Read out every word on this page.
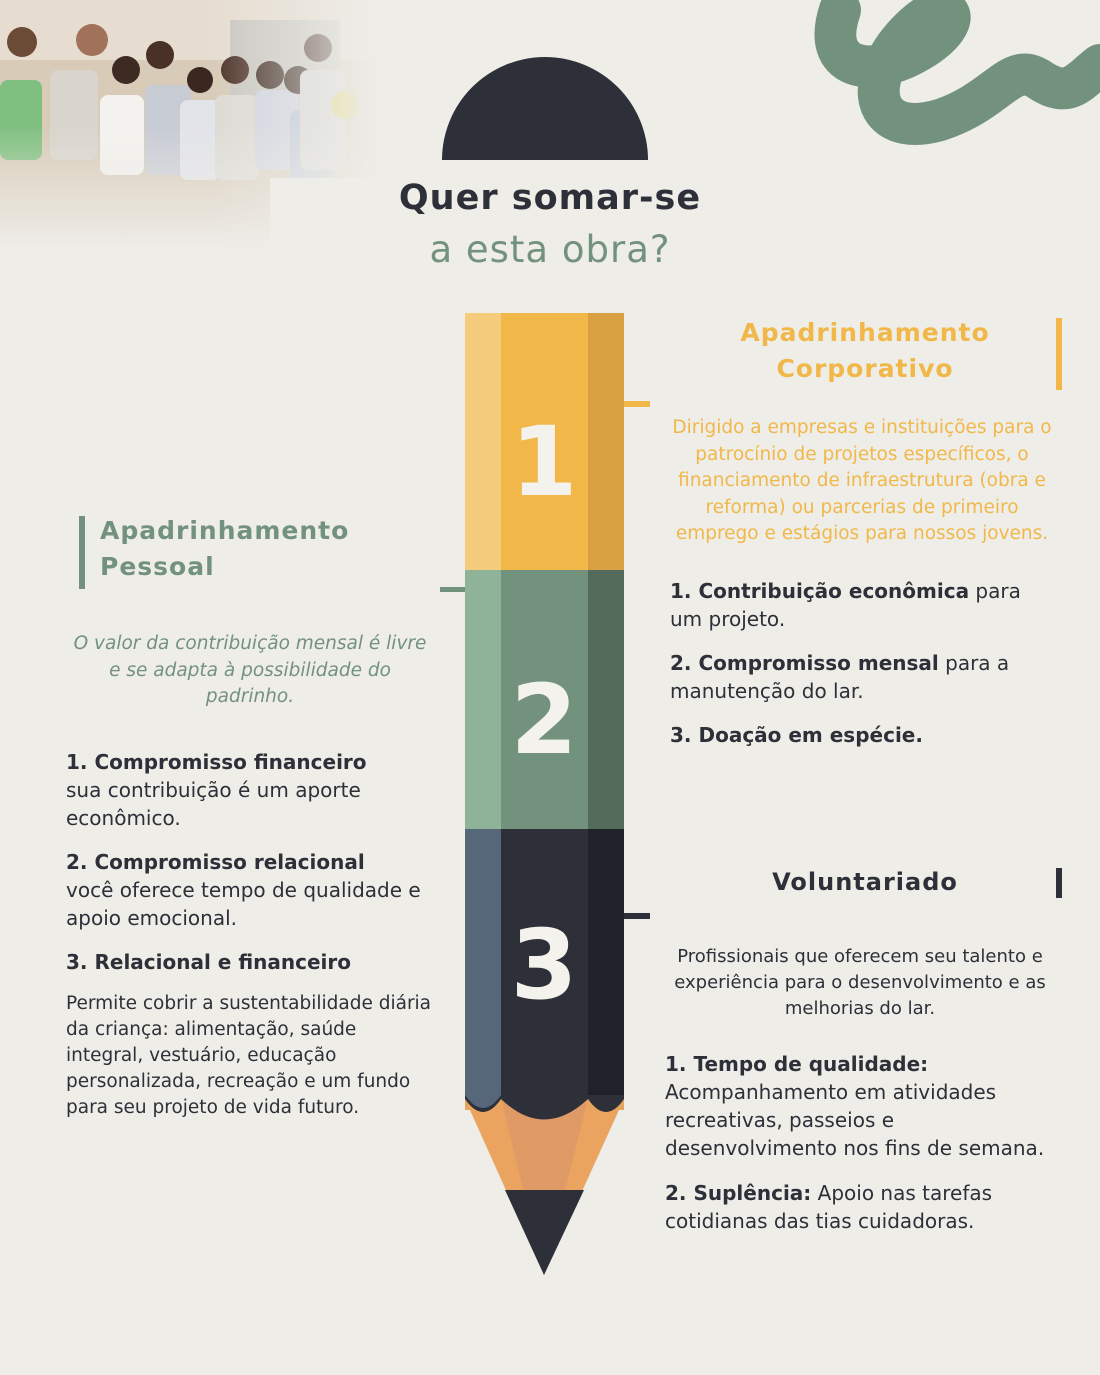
Quer somar-se
a esta obra?
1
2
3
Apadrinhamento
Corporativo
Dirigido a empresas e instituições para o patrocínio de projetos específicos, o financiamento de infraestrutura (obra e reforma) ou parcerias de primeiro emprego e estágios para nossos jovens.
1. Contribuição econômica para um projeto.
2. Compromisso mensal para a manutenção do lar.
3. Doação em espécie.
Apadrinhamento
Pessoal
O valor da contribuição mensal é livre e se adapta à possibilidade do padrinho.
1. Compromisso financeiro
sua contribuição é um aporte econômico.
2. Compromisso relacional
você oferece tempo de qualidade e apoio emocional.
3. Relacional e financeiro
Permite cobrir a sustentabilidade diária da criança: alimentação, saúde integral, vestuário, educação personalizada, recreação e um fundo para seu projeto de vida futuro.
Voluntariado
Profissionais que oferecem seu talento e experiência para o desenvolvimento e as melhorias do lar.
1. Tempo de qualidade:
Acompanhamento em atividades recreativas, passeios e desenvolvimento nos fins de semana.
2. Suplência: Apoio nas tarefas cotidianas das tias cuidadoras.
